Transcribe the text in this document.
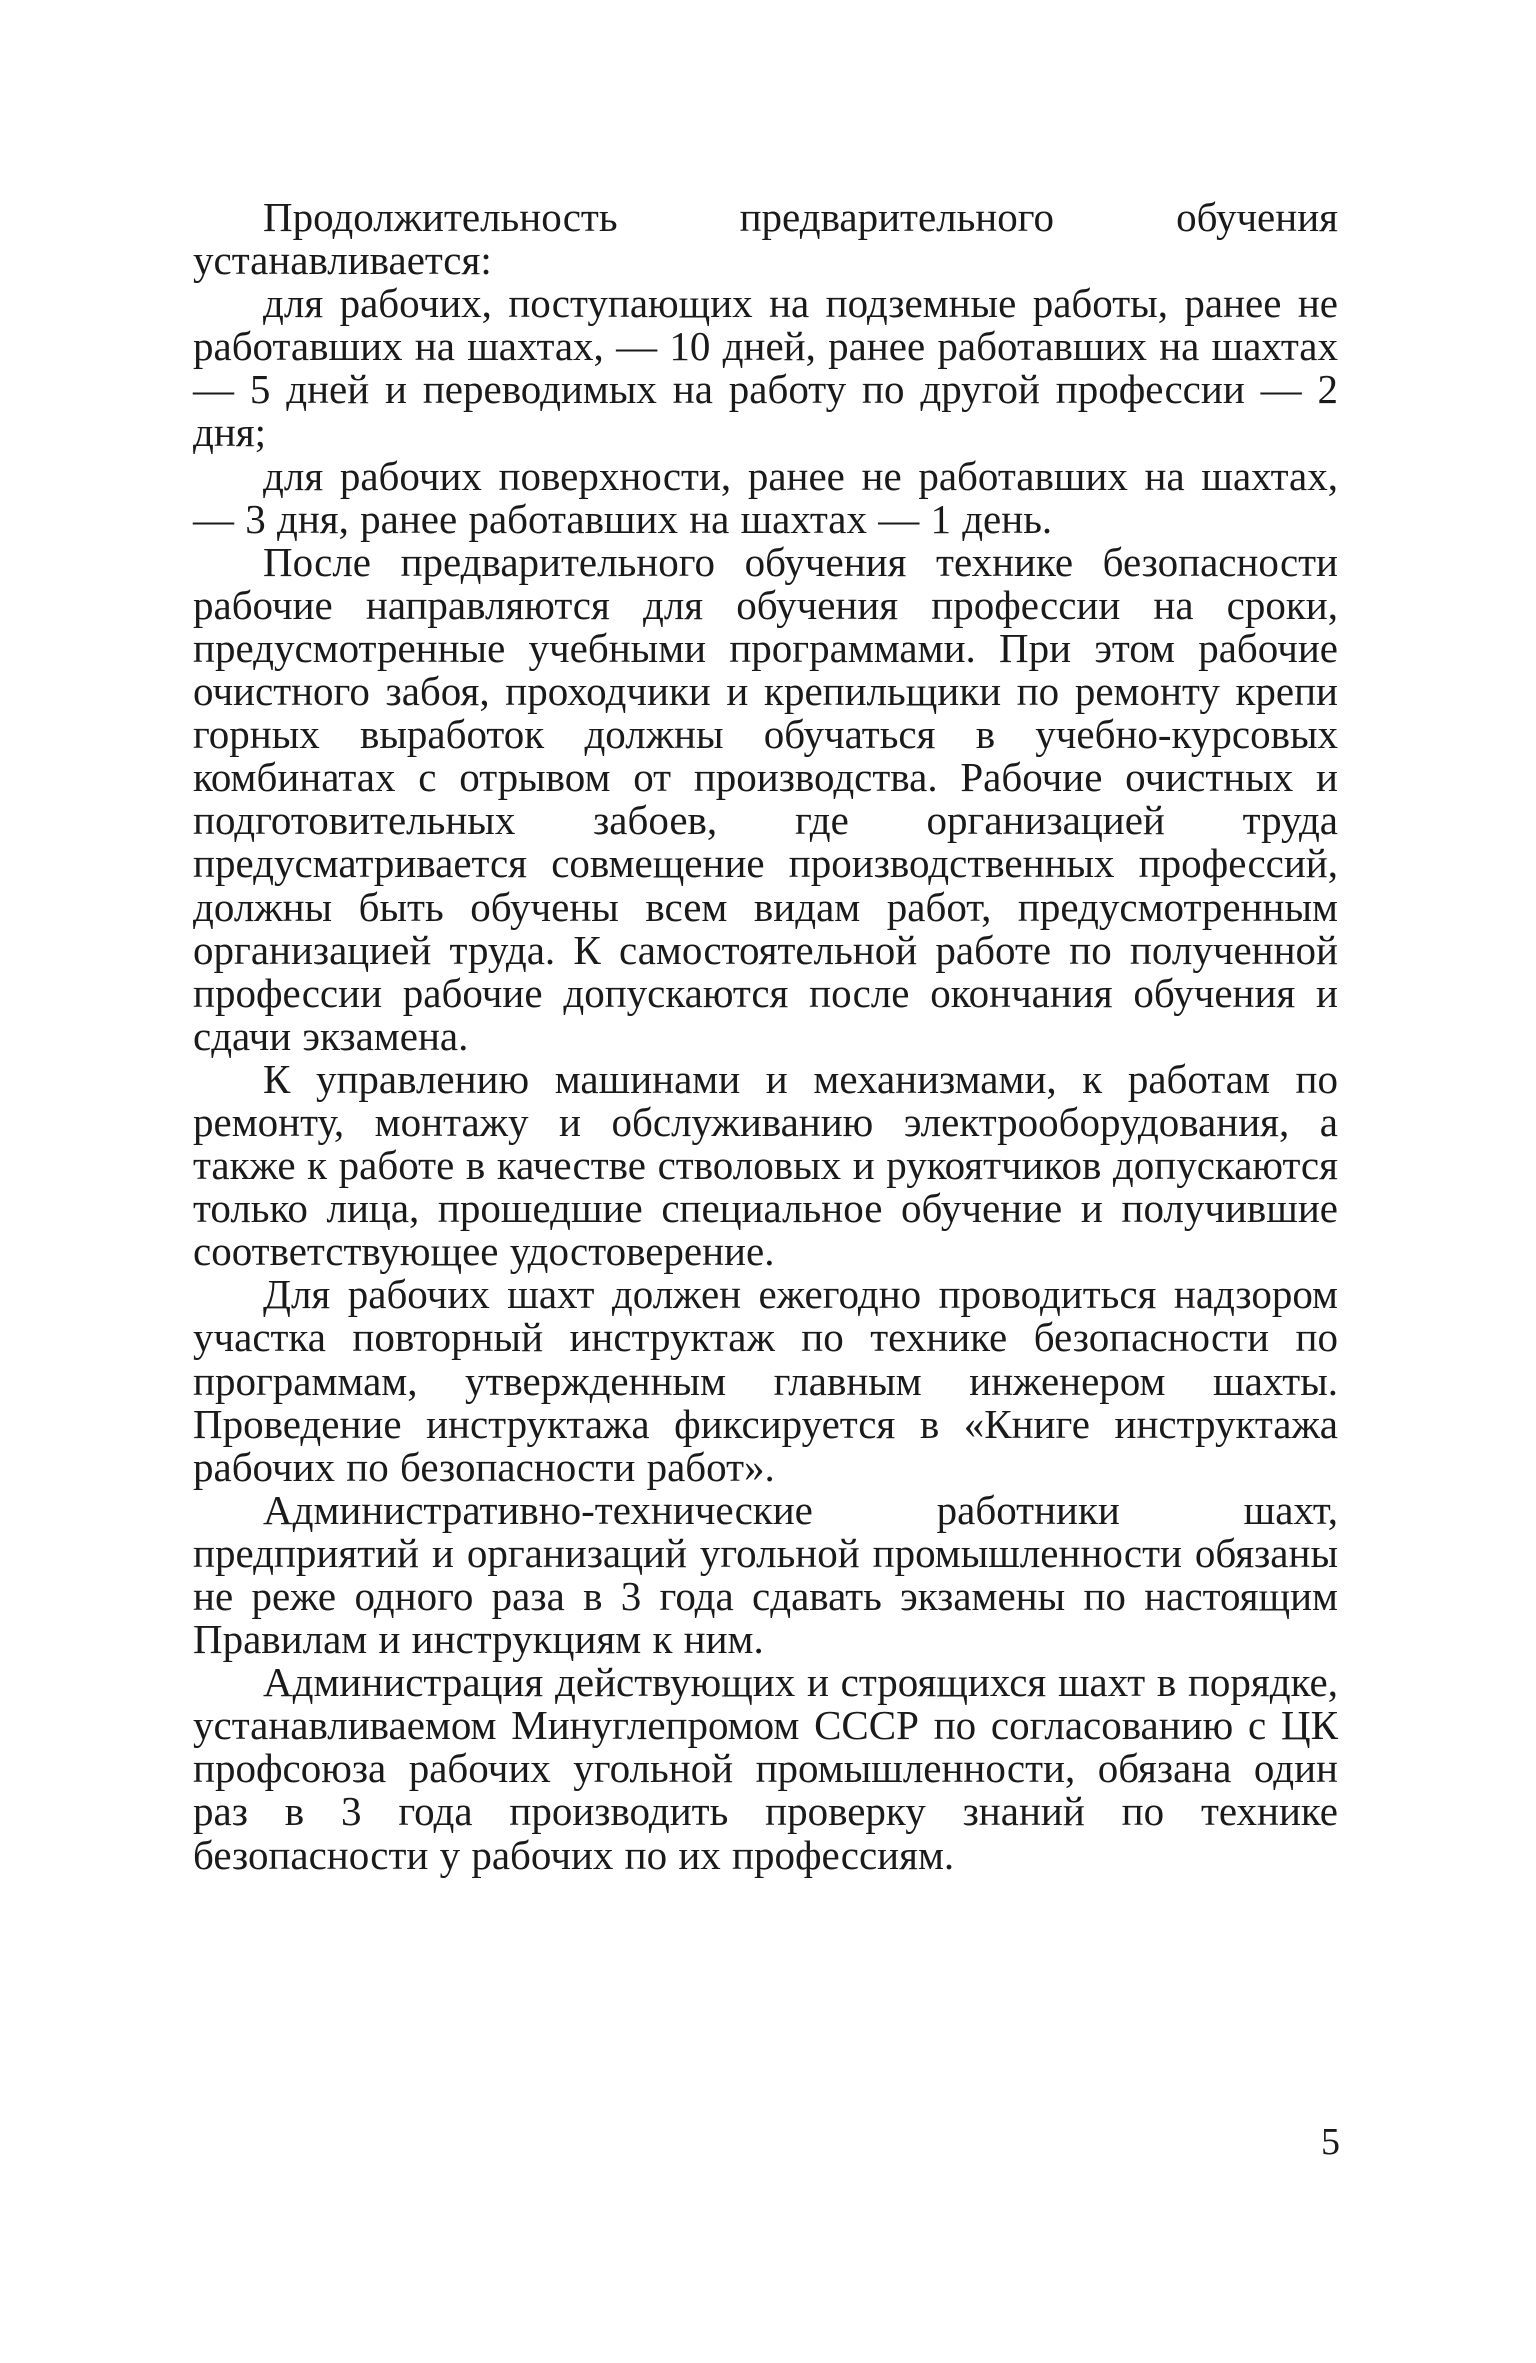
Продолжительность предварительного обучения устанавливается:

для рабочих, поступающих на подземные работы, ранее не работавших на шахтах, — 10 дней, ранее работавших на шахтах — 5 дней и переводимых на работу по другой профессии — 2 дня;

для рабочих поверхности, ранее не работавших на шахтах, — 3 дня, ранее работавших на шахтах — 1 день.

После предварительного обучения технике безопасности рабочие направляются для обучения профессии на сроки, предусмотренные учебными программами. При этом рабочие очистного забоя, проходчики и крепильщики по ремонту крепи горных выработок должны обучаться в учебно-курсовых комбинатах с отрывом от производства. Рабочие очистных и подготовительных забоев, где организацией труда предусматривается совмещение производственных профессий, должны быть обучены всем видам работ, предусмотренным организацией труда. К самостоятельной работе по полученной профессии рабочие допускаются после окончания обучения и сдачи экзамена.

К управлению машинами и механизмами, к работам по ремонту, монтажу и обслуживанию электрооборудования, а также к работе в качестве стволовых и рукоятчиков допускаются только лица, прошедшие специальное обучение и получившие соответствующее удостоверение.

Для рабочих шахт должен ежегодно проводиться надзором участка повторный инструктаж по технике безопасности по программам, утвержденным главным инженером шахты. Проведение инструктажа фиксируется в «Книге инструктажа рабочих по безопасности работ».

Административно-технические работники шахт, предприятий и организаций угольной промышленности обязаны не реже одного раза в 3 года сдавать экзамены по настоящим Правилам и инструкциям к ним.

Администрация действующих и строящихся шахт в порядке, устанавливаемом Минуглепромом СССР по согласованию с ЦК профсоюза рабочих угольной промышленности, обязана один раз в 3 года производить проверку знаний по технике безопасности у рабочих по их профессиям.

5
